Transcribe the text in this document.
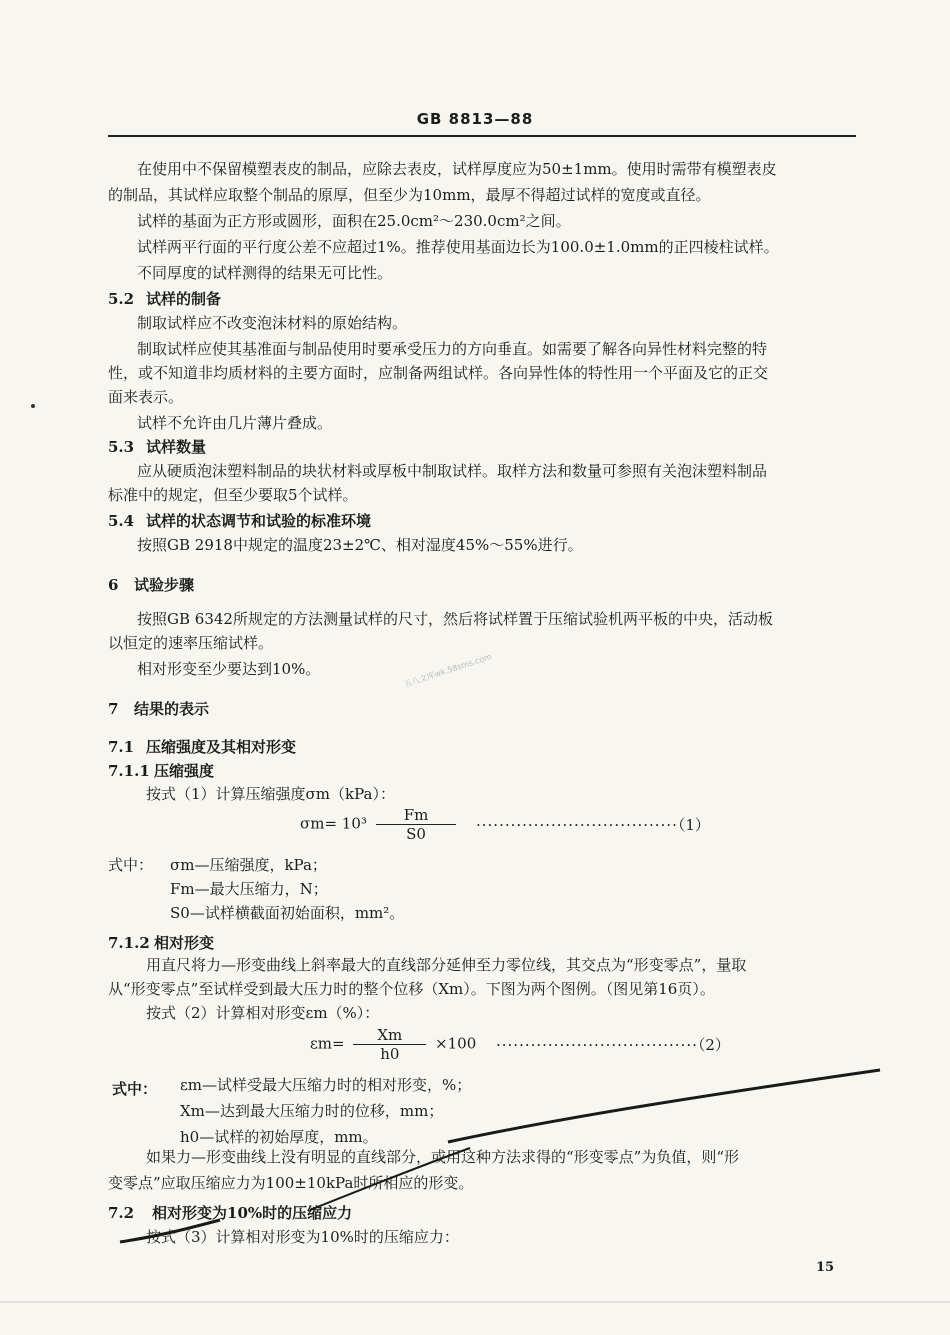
GB 8813—88
在使用中不保留模塑表皮的制品，应除去表皮，试样厚度应为50±1mm。使用时需带有模塑表皮
的制品，其试样应取整个制品的原厚，但至少为10mm，最厚不得超过试样的宽度或直径。
试样的基面为正方形或圆形，面积在25.0cm²～230.0cm²之间。
试样两平行面的平行度公差不应超过1%。推荐使用基面边长为100.0±1.0mm的正四棱柱试样。
不同厚度的试样测得的结果无可比性。
5.2 试样的制备
制取试样应不改变泡沫材料的原始结构。
制取试样应使其基准面与制品使用时要承受压力的方向垂直。如需要了解各向异性材料完整的特
性，或不知道非均质材料的主要方面时，应制备两组试样。各向异性体的特性用一个平面及它的正交
面来表示。
试样不允许由几片薄片叠成。
5.3 试样数量
应从硬质泡沫塑料制品的块状材料或厚板中制取试样。取样方法和数量可参照有关泡沫塑料制品
标准中的规定，但至少要取5个试样。
5.4 试样的状态调节和试验的标准环境
按照GB 2918中规定的温度23±2℃、相对湿度45%～55%进行。
6 试验步骤
按照GB 6342所规定的方法测量试样的尺寸，然后将试样置于压缩试验机两平板的中央，活动板
以恒定的速率压缩试样。
相对形变至少要达到10%。	五八文库wk.58sms.com
7 结果的表示
7.1 压缩强度及其相对形变
7.1.1 压缩强度
按式（1）计算压缩强度σm（kPa）：
$\sigma m= 10^3 \frac{Fm}{S0} \cdot\cdot\cdot\cdot\cdot\cdot\cdot\cdot\cdot\cdot\cdot\cdot\cdot\cdot\cdot\cdot\cdot\cdot\cdot\cdot\cdot\cdot\cdot\cdot\cdot\cdot\cdot\cdot\cdot\cdot\cdot\cdot\cdot\cdot\cdot(1)$
式中： σm—压缩强度，kPa；
Fm—最大压缩力，N；
S0—试样横截面初始面积，mm²。
7.1.2 相对形变
用直尺将力—形变曲线上斜率最大的直线部分延伸至力零位线，其交点为“形变零点”，量取
从“形变零点”至试样受到最大压力时的整个位移（Xm）。下图为两个图例。（图见第16页）。
按式（2）计算相对形变εm（%）：
$\varepsilon m= \frac{Xm}{h0} \times 100 \cdot\cdot\cdot\cdot\cdot\cdot\cdot\cdot\cdot\cdot\cdot\cdot\cdot\cdot\cdot\cdot\cdot\cdot\cdot\cdot\cdot\cdot\cdot\cdot\cdot\cdot\cdot\cdot\cdot\cdot\cdot\cdot\cdot\cdot\cdot(2)$
式中： εm—试样受最大压缩力时的相对形变，%；
Xm—达到最大压缩力时的位移，mm；
h0—试样的初始厚度，mm。
如果力—形变曲线上没有明显的直线部分，或用这种方法求得的“形变零点”为负值，则“形
变零点”应取压缩应力为100±10kPa时所相应的形变。
7.2 相对形变为10%时的压缩应力
按式（3）计算相对形变为10%时的压缩应力：
15
